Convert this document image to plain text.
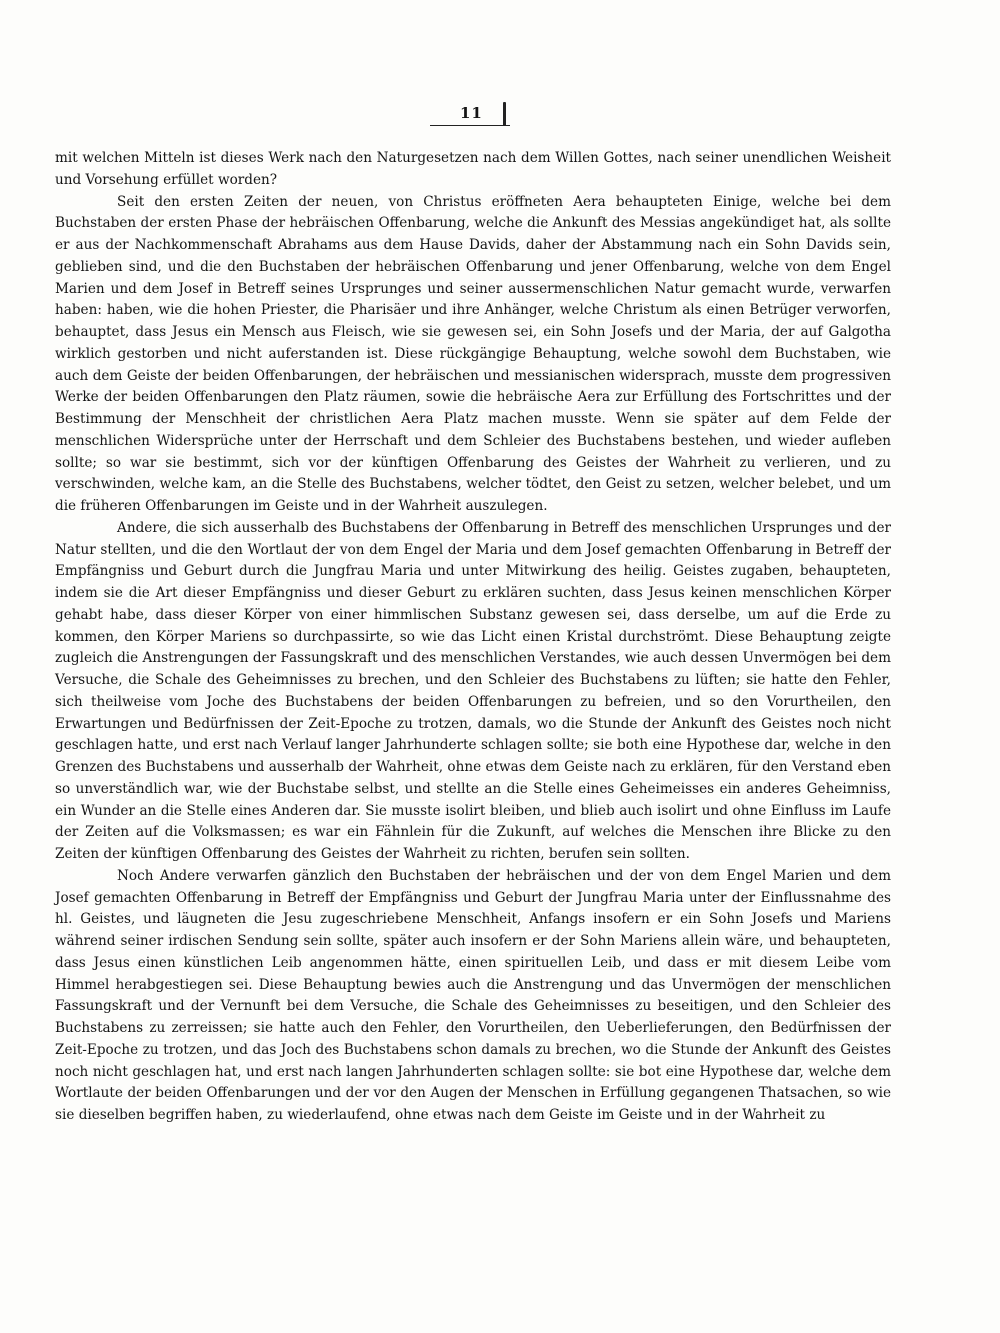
11

mit welchen Mitteln ist dieses Werk nach den Naturgesetzen nach dem Willen Gottes, nach seiner unendlichen Weisheit und Vorsehung erfüllet worden?

Seit den ersten Zeiten der neuen, von Christus eröffneten Aera behaupteten Einige, welche bei dem Buchstaben der ersten Phase der hebräischen Offenbarung, welche die Ankunft des Messias angekündiget hat, als sollte er aus der Nachkommenschaft Abrahams aus dem Hause Davids, daher der Abstammung nach ein Sohn Davids sein, geblieben sind, und die den Buchstaben der hebräischen Offenbarung und jener Offenbarung, welche von dem Engel Marien und dem Josef in Betreff seines Ursprunges und seiner aussermenschlichen Natur gemacht wurde, verwarfen haben: haben, wie die hohen Priester, die Pharisäer und ihre Anhänger, welche Christum als einen Betrüger verworfen, behauptet, dass Jesus ein Mensch aus Fleisch, wie sie gewesen sei, ein Sohn Josefs und der Maria, der auf Galgotha wirklich gestorben und nicht auferstanden ist. Diese rückgängige Behauptung, welche sowohl dem Buchstaben, wie auch dem Geiste der beiden Offenbarungen, der hebräischen und messianischen widersprach, musste dem progressiven Werke der beiden Offenbarungen den Platz räumen, sowie die hebräische Aera zur Erfüllung des Fortschrittes und der Bestimmung der Menschheit der christlichen Aera Platz machen musste. Wenn sie später auf dem Felde der menschlichen Widersprüche unter der Herrschaft und dem Schleier des Buchstabens bestehen, und wieder aufleben sollte; so war sie bestimmt, sich vor der künftigen Offenbarung des Geistes der Wahrheit zu verlieren, und zu verschwinden, welche kam, an die Stelle des Buchstabens, welcher tödtet, den Geist zu setzen, welcher belebet, und um die früheren Offenbarungen im Geiste und in der Wahrheit auszulegen.

Andere, die sich ausserhalb des Buchstabens der Offenbarung in Betreff des menschlichen Ursprunges und der Natur stellten, und die den Wortlaut der von dem Engel der Maria und dem Josef gemachten Offenbarung in Betreff der Empfängniss und Geburt durch die Jungfrau Maria und unter Mitwirkung des heilig. Geistes zugaben, behaupteten, indem sie die Art dieser Empfängniss und dieser Geburt zu erklären suchten, dass Jesus keinen menschlichen Körper gehabt habe, dass dieser Körper von einer himmlischen Substanz gewesen sei, dass derselbe, um auf die Erde zu kommen, den Körper Mariens so durchpassirte, so wie das Licht einen Kristal durchströmt. Diese Behauptung zeigte zugleich die Anstrengungen der Fassungskraft und des menschlichen Verstandes, wie auch dessen Unvermögen bei dem Versuche, die Schale des Geheimnisses zu brechen, und den Schleier des Buchstabens zu lüften; sie hatte den Fehler, sich theilweise vom Joche des Buchstabens der beiden Offenbarungen zu befreien, und so den Vorurtheilen, den Erwartungen und Bedürfnissen der Zeit-Epoche zu trotzen, damals, wo die Stunde der Ankunft des Geistes noch nicht geschlagen hatte, und erst nach Verlauf langer Jahrhunderte schlagen sollte; sie both eine Hypothese dar, welche in den Grenzen des Buchstabens und ausserhalb der Wahrheit, ohne etwas dem Geiste nach zu erklären, für den Verstand eben so unverständlich war, wie der Buchstabe selbst, und stellte an die Stelle eines Geheimeisses ein anderes Geheimniss, ein Wunder an die Stelle eines Anderen dar. Sie musste isolirt bleiben, und blieb auch isolirt und ohne Einfluss im Laufe der Zeiten auf die Volksmassen; es war ein Fähnlein für die Zukunft, auf welches die Menschen ihre Blicke zu den Zeiten der künftigen Offenbarung des Geistes der Wahrheit zu richten, berufen sein sollten.

Noch Andere verwarfen gänzlich den Buchstaben der hebräischen und der von dem Engel Marien und dem Josef gemachten Offenbarung in Betreff der Empfängniss und Geburt der Jungfrau Maria unter der Einflussnahme des hl. Geistes, und läugneten die Jesu zugeschriebene Menschheit, Anfangs insofern er ein Sohn Josefs und Mariens während seiner irdischen Sendung sein sollte, später auch insofern er der Sohn Mariens allein wäre, und behaupteten, dass Jesus einen künstlichen Leib angenommen hätte, einen spirituellen Leib, und dass er mit diesem Leibe vom Himmel herabgestiegen sei. Diese Behauptung bewies auch die Anstrengung und das Unvermögen der menschlichen Fassungskraft und der Vernunft bei dem Versuche, die Schale des Geheimnisses zu beseitigen, und den Schleier des Buchstabens zu zerreissen; sie hatte auch den Fehler, den Vorurtheilen, den Ueberlieferungen, den Bedürfnissen der Zeit-Epoche zu trotzen, und das Joch des Buchstabens schon damals zu brechen, wo die Stunde der Ankunft des Geistes noch nicht geschlagen hat, und erst nach langen Jahrhunderten schlagen sollte: sie bot eine Hypothese dar, welche dem Wortlaute der beiden Offenbarungen und der vor den Augen der Menschen in Erfüllung gegangenen Thatsachen, so wie sie dieselben begriffen haben, zu wiederlaufend, ohne etwas nach dem Geiste im Geiste und in der Wahrheit zu
